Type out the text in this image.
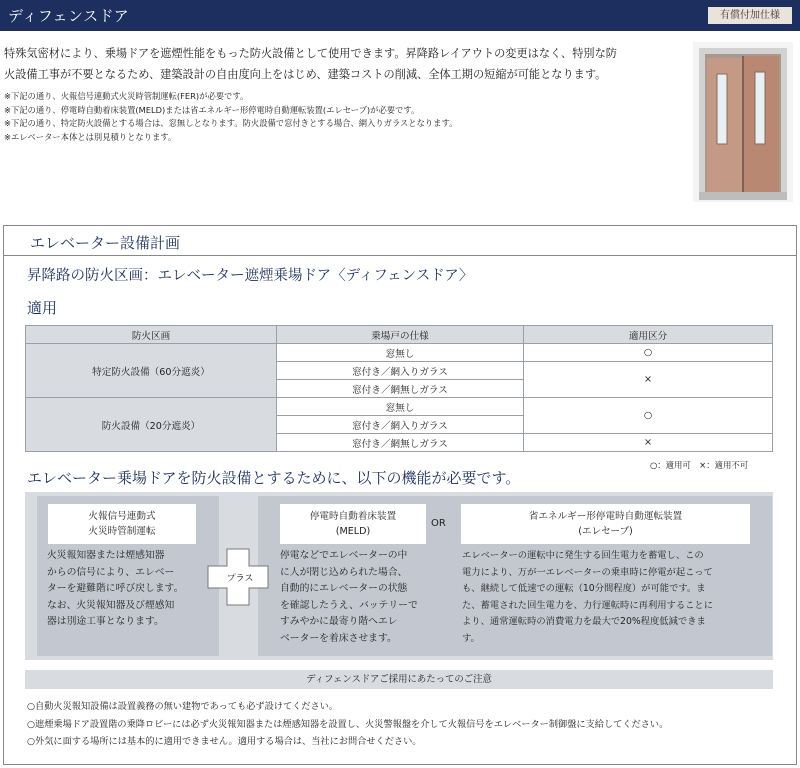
ディフェンスドア	有償付加仕様
特殊気密材により、乗場ドアを遮煙性能をもった防火設備として使用できます。昇降路レイアウトの変更はなく、特別な防
火設備工事が不要となるため、建築設計の自由度向上をはじめ、建築コストの削減、全体工期の短縮が可能となります。
※下記の通り、火報信号連動式火災時管制運転(FER)が必要です。
※下記の通り、停電時自動着床装置(MELD)または省エネルギー形停電時自動運転装置(エレセーブ)が必要です。
※下記の通り、特定防火設備とする場合は、窓無しとなります。防火設備で窓付きとする場合、網入りガラスとなります。
※エレベーター本体とは別見積りとなります。
エレベーター設備計画
昇降路の防火区画：エレベーター遮煙乗場ドア〈ディフェンスドア〉
適用
防火区画	乗場戸の仕様	適用区分
特定防火設備（60分遮炎）	窓無し	○
	窓付き／網入りガラス	×
	窓付き／網無しガラス	
防火設備（20分遮炎）	窓無し	○
	窓付き／網入りガラス	
	窓付き／網無しガラス	×
○：適用可　×：適用不可
エレベーター乗場ドアを防火設備とするために、以下の機能が必要です。
火報信号連動式
火災時管制運転
火災報知器または煙感知器
からの信号により、エレベー
ターを避難階に呼び戻します。
なお、火災報知器及び煙感知
器は別途工事となります。
プラス
停電時自動着床装置
(MELD)
停電などでエレベーターの中
に人が閉じ込められた場合、
自動的にエレベーターの状態
を確認したうえ、バッテリーで
すみやかに最寄り階へエレ
ベーターを着床させます。
OR
省エネルギー形停電時自動運転装置
(エレセーブ)
エレベーターの運転中に発生する回生電力を蓄電し、この
電力により、万が一エレベーターの乗車時に停電が起こって
も、継続して低速での運転（10分間程度）が可能です。ま
た、蓄電された回生電力を、力行運転時に再利用することに
より、通常運転時の消費電力を最大で20%程度低減できま
す。
ディフェンスドアご採用にあたってのご注意
○自動火災報知設備は設置義務の無い建物であっても必ず設けてください。
○遮煙乗場ドア設置階の乗降ロビーには必ず火災報知器または煙感知器を設置し、火災警報盤を介して火報信号をエレベーター制御盤に支給してください。
○外気に面する場所には基本的に適用できません。適用する場合は、当社にお問合せください。
